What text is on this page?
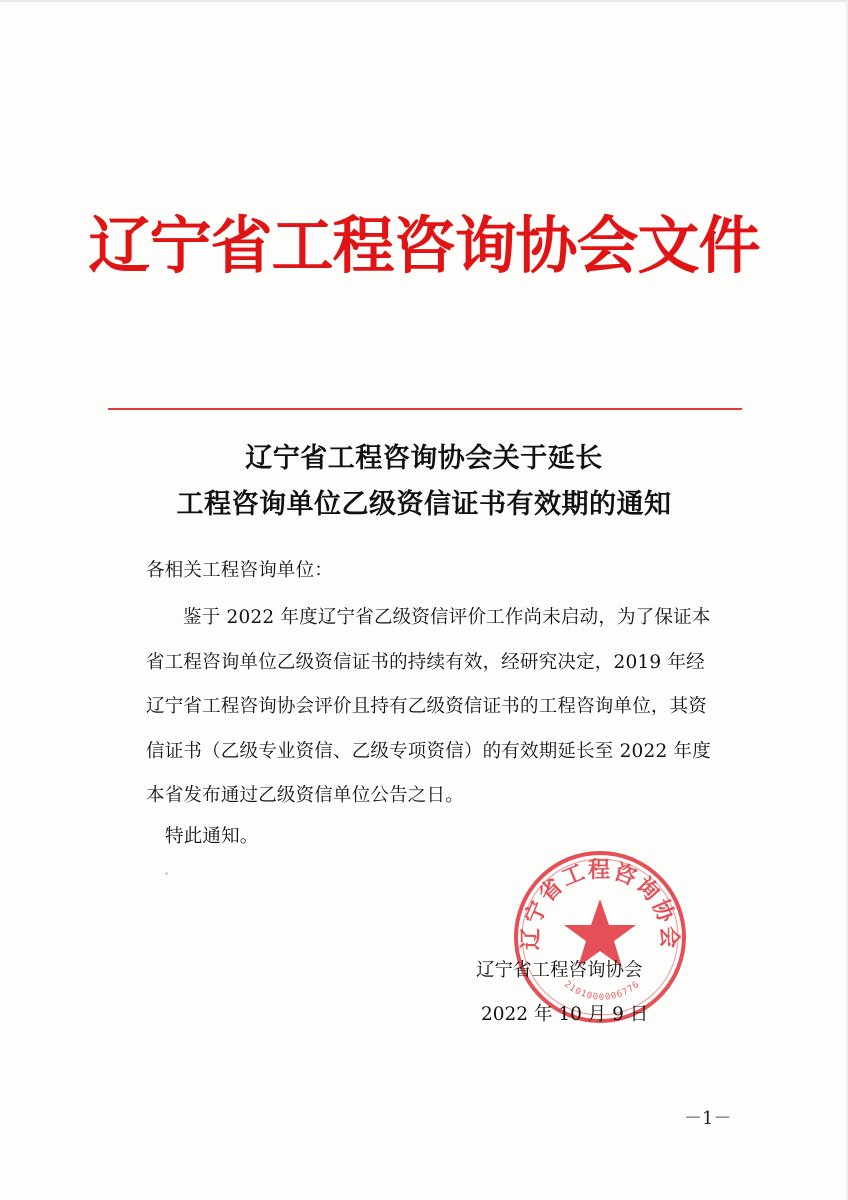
辽宁省工程咨询协会文件
辽宁省工程咨询协会关于延长
工程咨询单位乙级资信证书有效期的通知
各相关工程咨询单位：
鉴于 2022 年度辽宁省乙级资信评价工作尚未启动，为了保证本
省工程咨询单位乙级资信证书的持续有效，经研究决定，2019 年经
辽宁省工程咨询协会评价且持有乙级资信证书的工程咨询单位，其资
信证书（乙级专业资信、乙级专项资信）的有效期延长至 2022 年度
本省发布通过乙级资信单位公告之日。
特此通知。
辽宁省工程咨询协会
2101000006776
辽宁省工程咨询协会
2022 年 10 月 9 日
－1－
